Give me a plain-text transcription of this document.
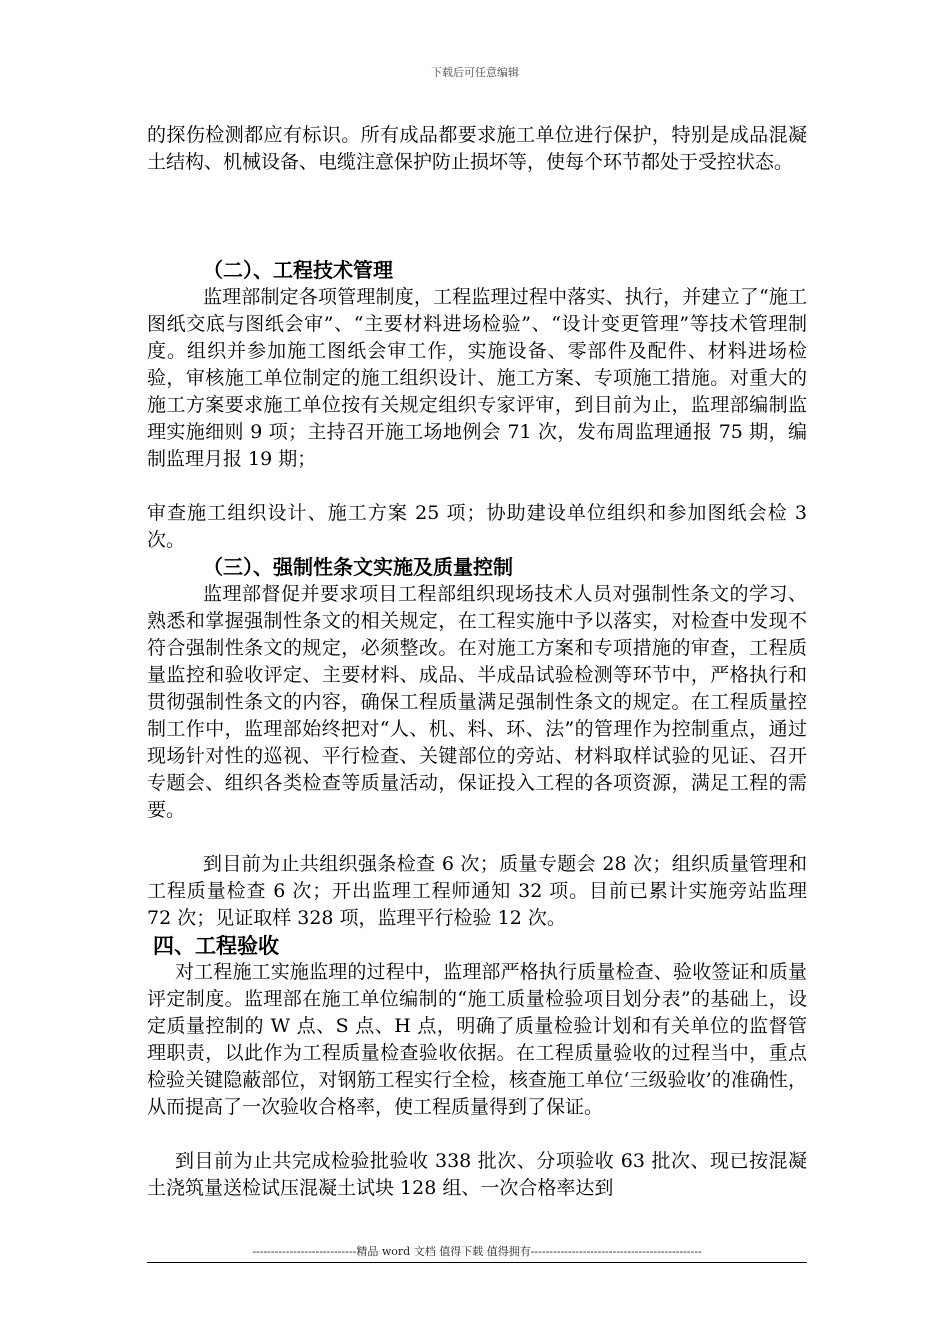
下载后可任意编辑

的探伤检测都应有标识。所有成品都要求施工单位进行保护，特别是成品混凝土结构、机械设备、电缆注意保护防止损坏等，使每个环节都处于受控状态。

（二）、工程技术管理

监理部制定各项管理制度，工程监理过程中落实、执行，并建立了“施工图纸交底与图纸会审”、“主要材料进场检验”、“设计变更管理”等技术管理制度。组织并参加施工图纸会审工作，实施设备、零部件及配件、材料进场检验，审核施工单位制定的施工组织设计、施工方案、专项施工措施。对重大的施工方案要求施工单位按有关规定组织专家评审，到目前为止，监理部编制监理实施细则 9 项；主持召开施工场地例会 71 次，发布周监理通报 75 期，编制监理月报 19 期；

审查施工组织设计、施工方案 25 项；协助建设单位组织和参加图纸会检 3 次。

（三）、强制性条文实施及质量控制

监理部督促并要求项目工程部组织现场技术人员对强制性条文的学习、熟悉和掌握强制性条文的相关规定，在工程实施中予以落实，对检查中发现不符合强制性条文的规定，必须整改。在对施工方案和专项措施的审查，工程质量监控和验收评定、主要材料、成品、半成品试验检测等环节中，严格执行和贯彻强制性条文的内容，确保工程质量满足强制性条文的规定。在工程质量控制工作中，监理部始终把对“人、机、料、环、法”的管理作为控制重点，通过现场针对性的巡视、平行检查、关键部位的旁站、材料取样试验的见证、召开专题会、组织各类检查等质量活动，保证投入工程的各项资源，满足工程的需要。

到目前为止共组织强条检查 6 次；质量专题会 28 次；组织质量管理和工程质量检查 6 次；开出监理工程师通知 32 项。目前已累计实施旁站监理 72 次；见证取样 328 项，监理平行检验 12 次。

四、工程验收

对工程施工实施监理的过程中，监理部严格执行质量检查、验收签证和质量评定制度。监理部在施工单位编制的“施工质量检验项目划分表”的基础上，设定质量控制的 W 点、S 点、H 点，明确了质量检验计划和有关单位的监督管理职责，以此作为工程质量检查验收依据。在工程质量验收的过程当中，重点检验关键隐蔽部位，对钢筋工程实行全检，核查施工单位‘三级验收’的准确性，从而提高了一次验收合格率，使工程质量得到了保证。

到目前为止共完成检验批验收 338 批次、分项验收 63 批次、现已按混凝土浇筑量送检试压混凝土试块 128 组、一次合格率达到

----------------------------精品 word 文档 值得下载 值得拥有----------------------------------------------
